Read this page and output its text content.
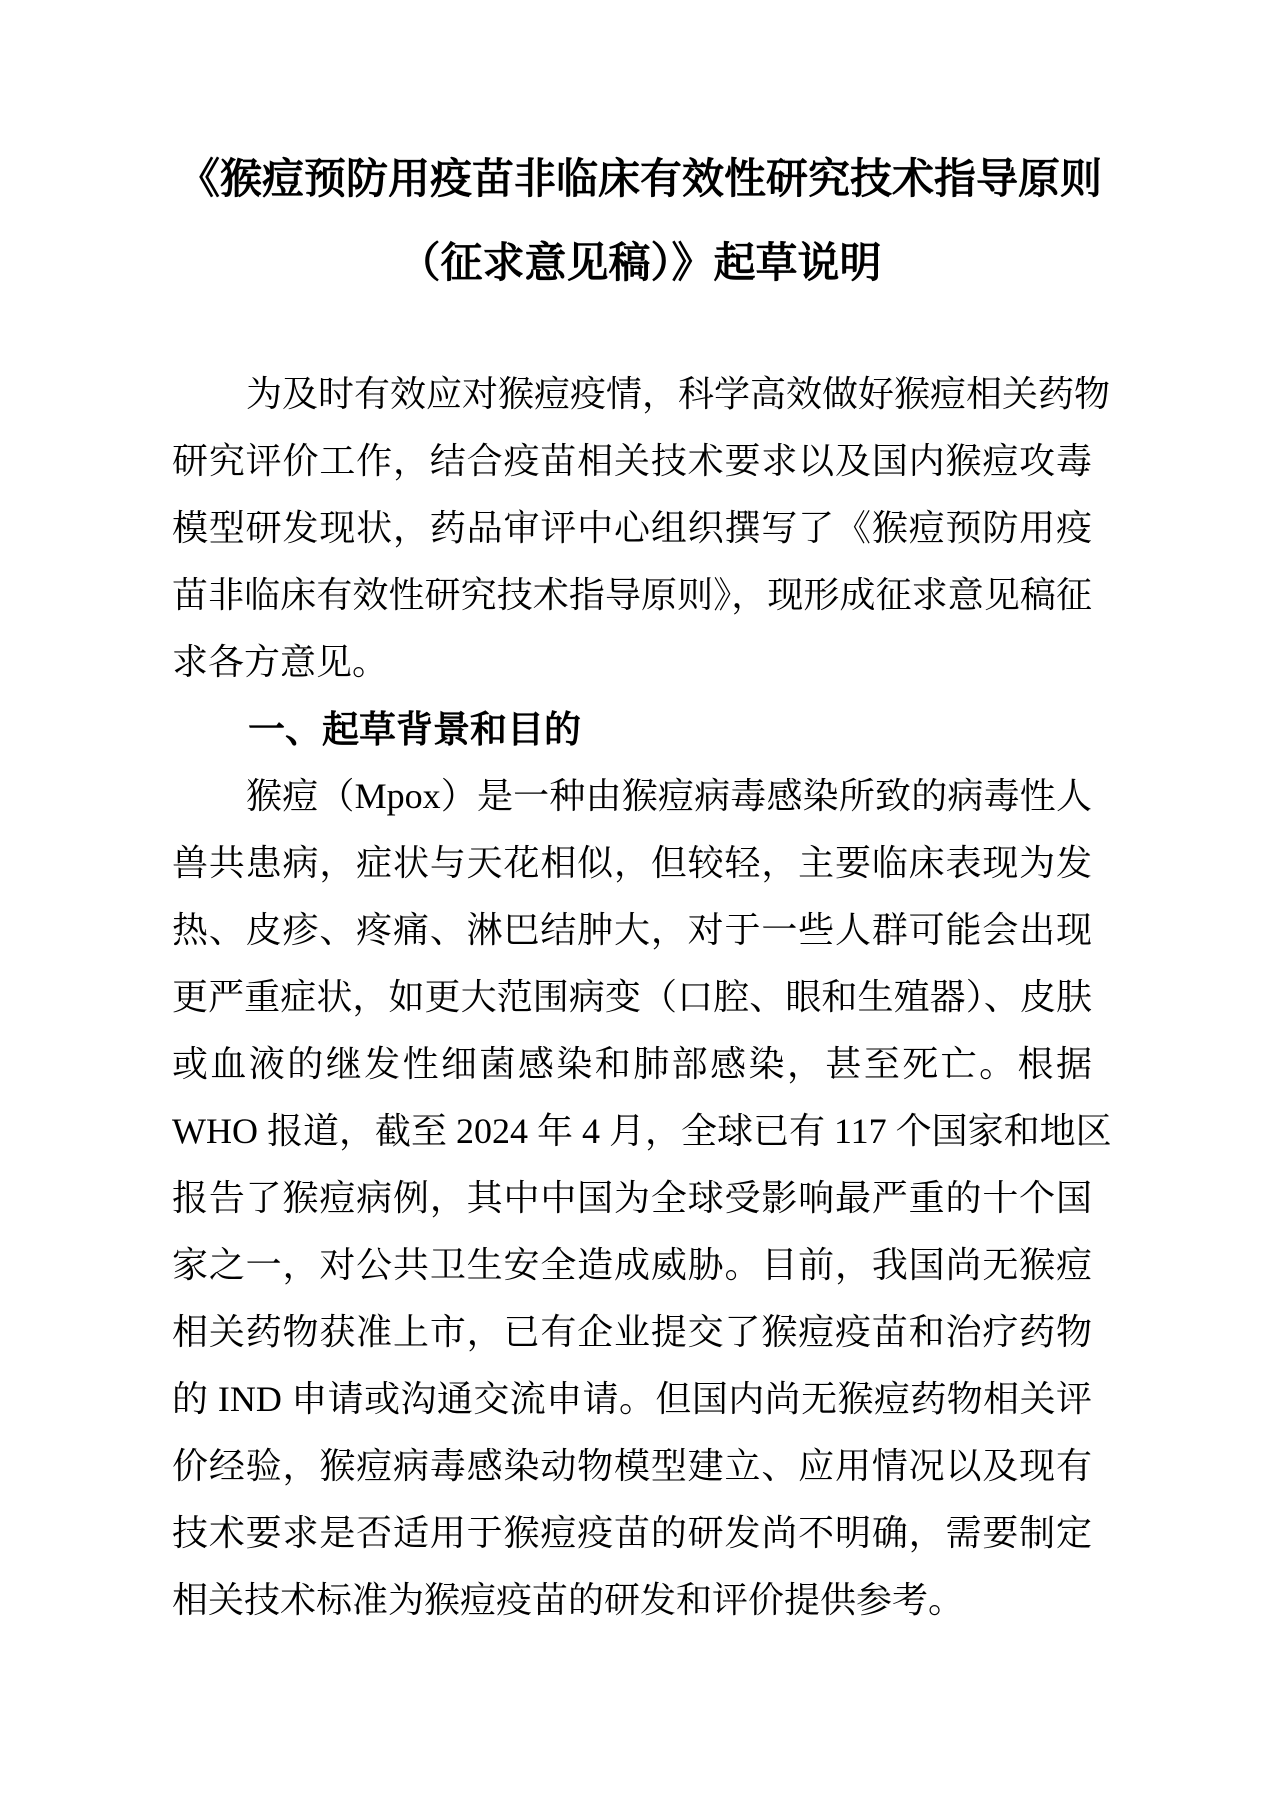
《猴痘预防用疫苗非临床有效性研究技术指导原则
（征求意见稿）》起草说明
为及时有效应对猴痘疫情，科学高效做好猴痘相关药物
研究评价工作，结合疫苗相关技术要求以及国内猴痘攻毒
模型研发现状，药品审评中心组织撰写了《猴痘预防用疫
苗非临床有效性研究技术指导原则》，现形成征求意见稿征
求各方意见。
一、起草背景和目的
猴痘（Mpox）是一种由猴痘病毒感染所致的病毒性人
兽共患病，症状与天花相似，但较轻，主要临床表现为发
热、皮疹、疼痛、淋巴结肿大，对于一些人群可能会出现
更严重症状，如更大范围病变（口腔、眼和生殖器）、皮肤
或血液的继发性细菌感染和肺部感染，甚至死亡。根据
WHO 报道，截至 2024 年 4 月，全球已有 117 个国家和地区
报告了猴痘病例，其中中国为全球受影响最严重的十个国
家之一，对公共卫生安全造成威胁。目前，我国尚无猴痘
相关药物获准上市，已有企业提交了猴痘疫苗和治疗药物
的 IND 申请或沟通交流申请。但国内尚无猴痘药物相关评
价经验，猴痘病毒感染动物模型建立、应用情况以及现有
技术要求是否适用于猴痘疫苗的研发尚不明确，需要制定
相关技术标准为猴痘疫苗的研发和评价提供参考。
